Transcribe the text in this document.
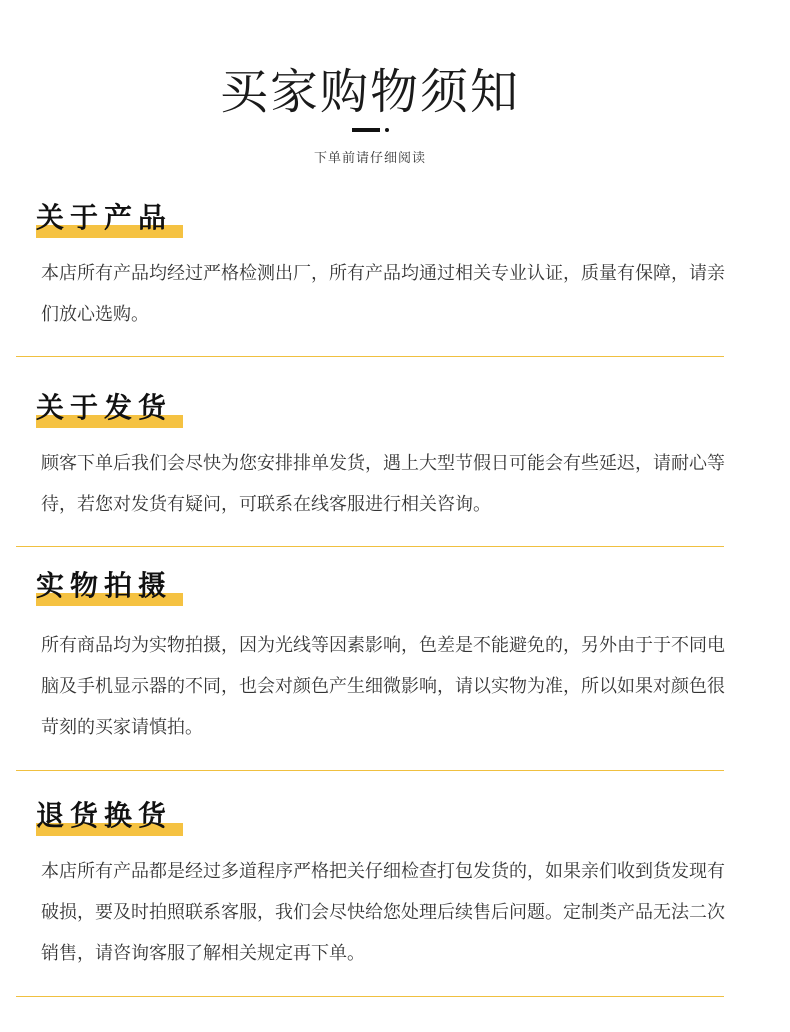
买家购物须知
下单前请仔细阅读
关于产品
本店所有产品均经过严格检测出厂，所有产品均通过相关专业认证，质量有保障，请亲们放心选购。
关于发货
顾客下单后我们会尽快为您安排排单发货，遇上大型节假日可能会有些延迟，请耐心等待，若您对发货有疑问，可联系在线客服进行相关咨询。
实物拍摄
所有商品均为实物拍摄，因为光线等因素影响，色差是不能避免的，另外由于于不同电脑及手机显示器的不同，也会对颜色产生细微影响，请以实物为准，所以如果对颜色很苛刻的买家请慎拍。
退货换货
本店所有产品都是经过多道程序严格把关仔细检查打包发货的，如果亲们收到货发现有破损，要及时拍照联系客服，我们会尽快给您处理后续售后问题。定制类产品无法二次销售，请咨询客服了解相关规定再下单。
